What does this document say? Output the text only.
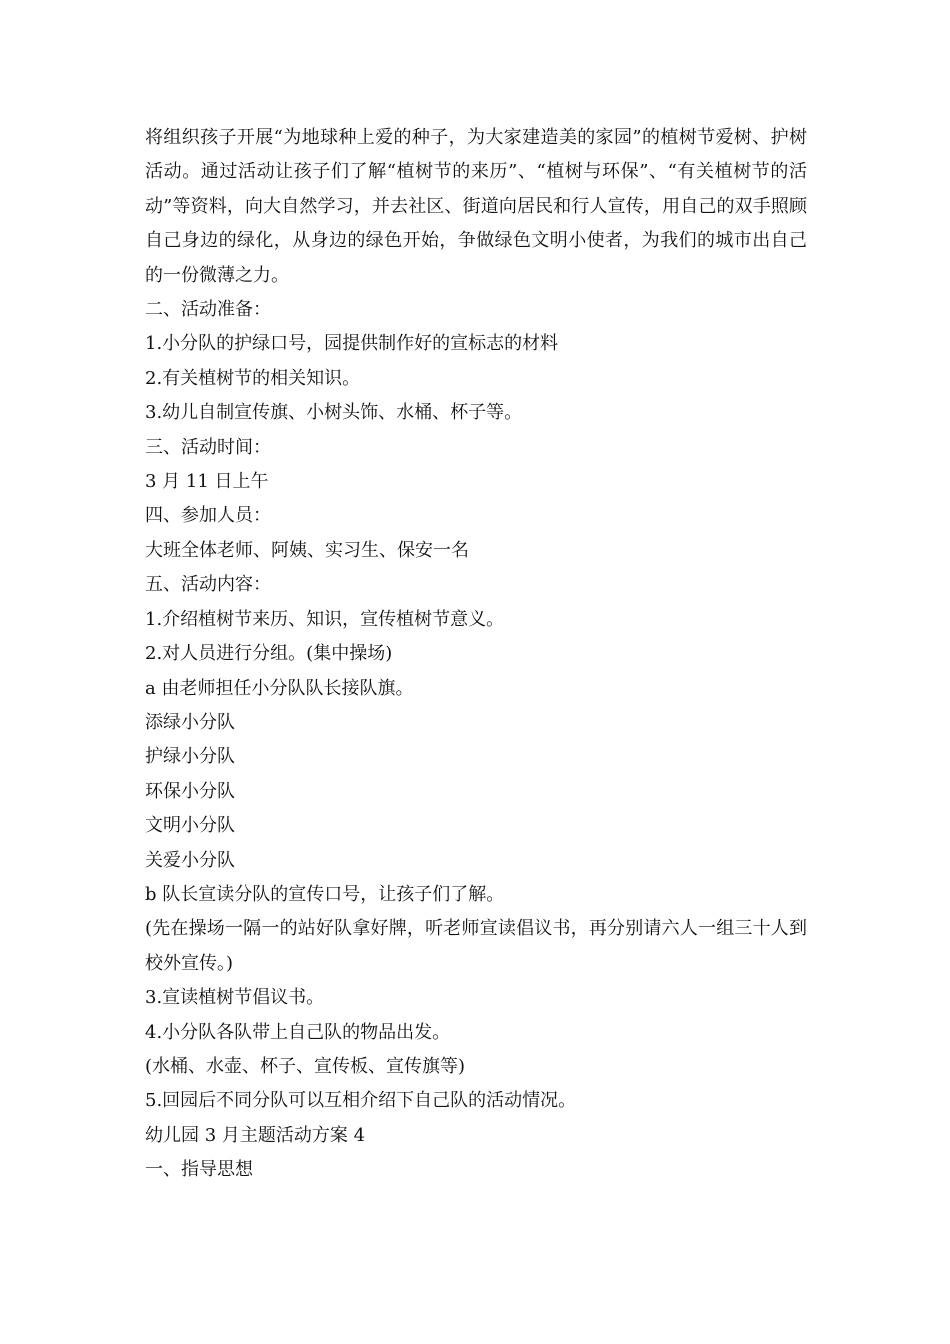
将组织孩子开展“为地球种上爱的种子，为大家建造美的家园”的植树节爱树、护树活动。通过活动让孩子们了解“植树节的来历”、“植树与环保”、“有关植树节的活动”等资料，向大自然学习，并去社区、街道向居民和行人宣传，用自己的双手照顾自己身边的绿化，从身边的绿色开始，争做绿色文明小使者，为我们的城市出自己的一份微薄之力。

二、活动准备：

1.小分队的护绿口号，园提供制作好的宣标志的材料

2.有关植树节的相关知识。

3.幼儿自制宣传旗、小树头饰、水桶、杯子等。

三、活动时间：

3 月 11 日上午

四、参加人员：

大班全体老师、阿姨、实习生、保安一名

五、活动内容：

1.介绍植树节来历、知识，宣传植树节意义。

2.对人员进行分组。(集中操场)

a 由老师担任小分队队长接队旗。

添绿小分队

护绿小分队

环保小分队

文明小分队

关爱小分队

b 队长宣读分队的宣传口号，让孩子们了解。

(先在操场一隔一的站好队拿好牌，听老师宣读倡议书，再分别请六人一组三十人到校外宣传。)

3.宣读植树节倡议书。

4.小分队各队带上自己队的物品出发。

(水桶、水壶、杯子、宣传板、宣传旗等)

5.回园后不同分队可以互相介绍下自己队的活动情况。

幼儿园 3 月主题活动方案 4

一、指导思想
